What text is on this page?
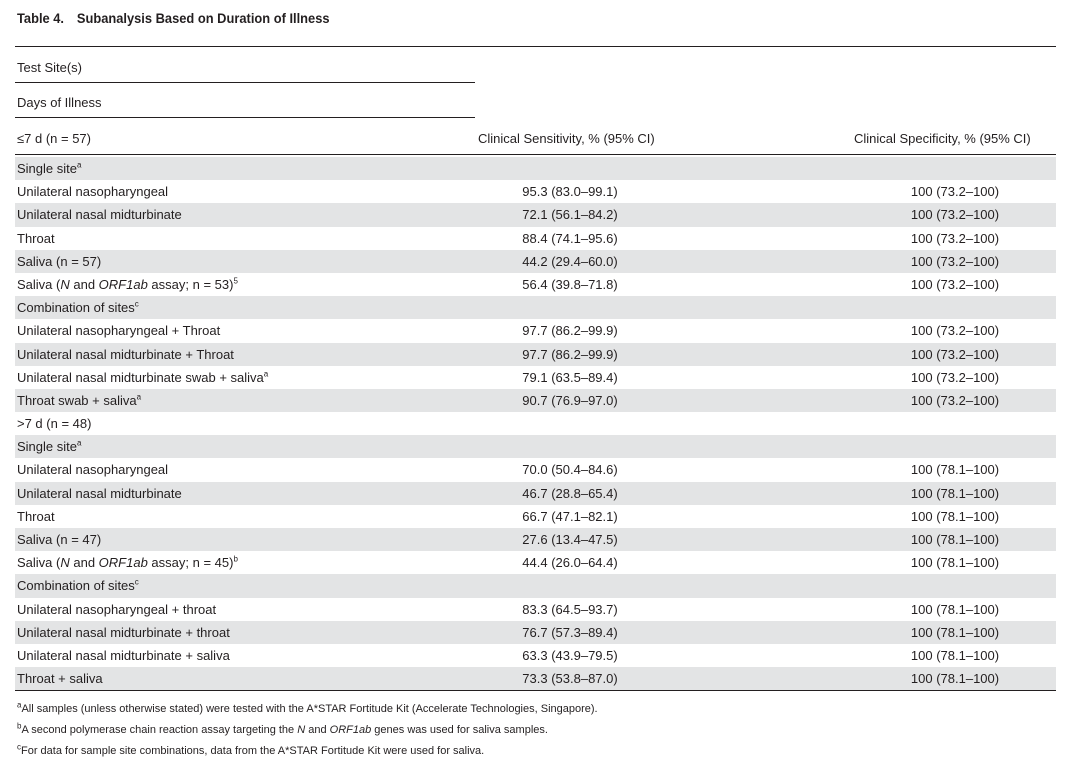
Table 4. Subanalysis Based on Duration of Illness
Test Site(s)
Days of Illness
≤7 d (n = 57)	Clinical Sensitivity, % (95% CI)	Clinical Specificity, % (95% CI)
Single site$^a$
Unilateral nasopharyngeal	95.3 (83.0–99.1)	100 (73.2–100)
Unilateral nasal midturbinate	72.1 (56.1–84.2)	100 (73.2–100)
Throat	88.4 (74.1–95.6)	100 (73.2–100)
Saliva (n = 57)	44.2 (29.4–60.0)	100 (73.2–100)
Saliva (N and ORF1ab assay; n = 53)$^5$	56.4 (39.8–71.8)	100 (73.2–100)
Combination of sites$^c$
Unilateral nasopharyngeal + Throat	97.7 (86.2–99.9)	100 (73.2–100)
Unilateral nasal midturbinate + Throat	97.7 (86.2–99.9)	100 (73.2–100)
Unilateral nasal midturbinate swab + saliva$^a$	79.1 (63.5–89.4)	100 (73.2–100)
Throat swab + saliva$^a$	90.7 (76.9–97.0)	100 (73.2–100)
>7 d (n = 48)
Single site$^a$
Unilateral nasopharyngeal	70.0 (50.4–84.6)	100 (78.1–100)
Unilateral nasal midturbinate	46.7 (28.8–65.4)	100 (78.1–100)
Throat	66.7 (47.1–82.1)	100 (78.1–100)
Saliva (n = 47)	27.6 (13.4–47.5)	100 (78.1–100)
Saliva (N and ORF1ab assay; n = 45)$^b$	44.4 (26.0–64.4)	100 (78.1–100)
Combination of sites$^c$
Unilateral nasopharyngeal + throat	83.3 (64.5–93.7)	100 (78.1–100)
Unilateral nasal midturbinate + throat	76.7 (57.3–89.4)	100 (78.1–100)
Unilateral nasal midturbinate + saliva	63.3 (43.9–79.5)	100 (78.1–100)
Throat + saliva	73.3 (53.8–87.0)	100 (78.1–100)
$^a$All samples (unless otherwise stated) were tested with the A*STAR Fortitude Kit (Accelerate Technologies, Singapore).
$^b$A second polymerase chain reaction assay targeting the N and ORF1ab genes was used for saliva samples.
$^c$For data for sample site combinations, data from the A*STAR Fortitude Kit were used for saliva.
